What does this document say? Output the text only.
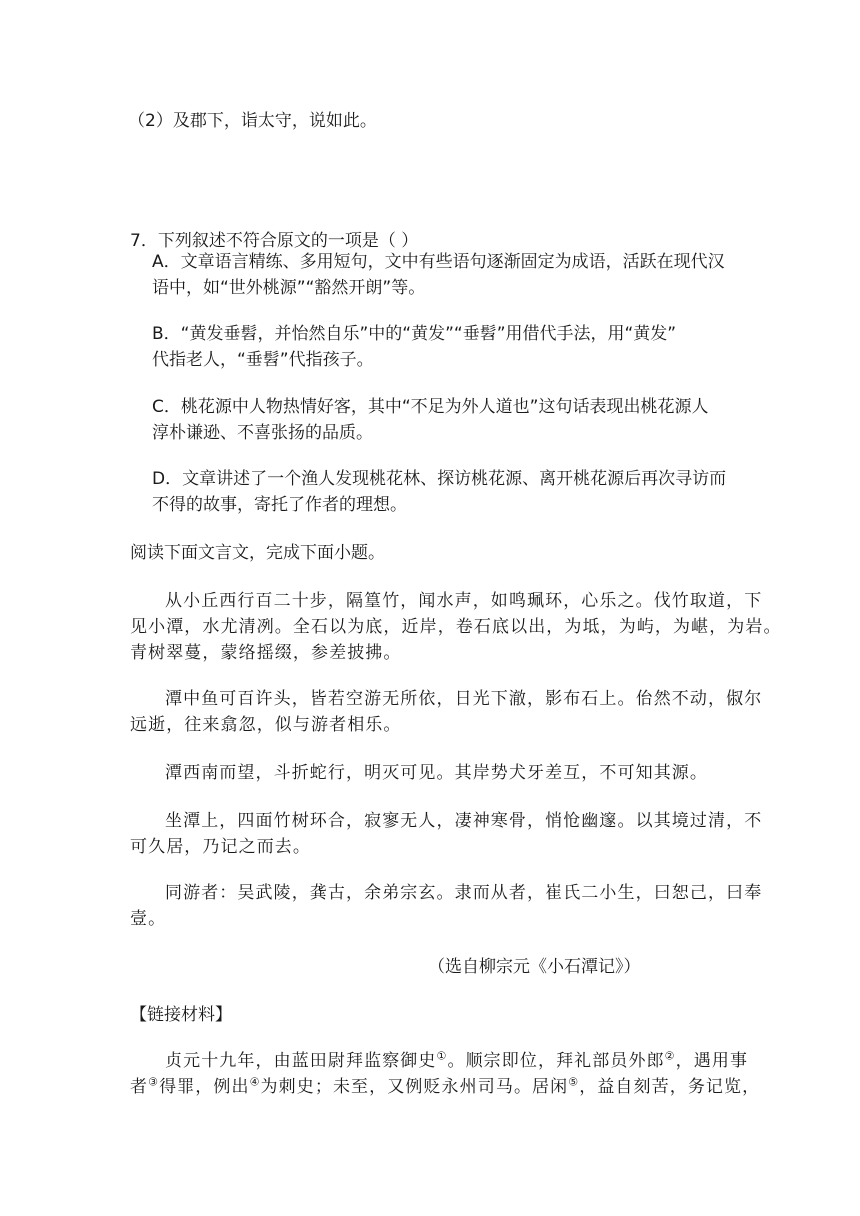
（2）及郡下，诣太守，说如此。
7．下列叙述不符合原文的一项是（ ）
A．文章语言精练、多用短句，文中有些语句逐渐固定为成语，活跃在现代汉
语中，如“世外桃源”“豁然开朗”等。
B．“黄发垂髫，并怡然自乐”中的“黄发”“垂髫”用借代手法，用“黄发”
代指老人，“垂髫”代指孩子。
C．桃花源中人物热情好客，其中“不足为外人道也”这句话表现出桃花源人
淳朴谦逊、不喜张扬的品质。
D．文章讲述了一个渔人发现桃花林、探访桃花源、离开桃花源后再次寻访而
不得的故事，寄托了作者的理想。
阅读下面文言文，完成下面小题。
从小丘西行百二十步，隔篁竹，闻水声，如鸣珮环，心乐之。伐竹取道，下
见小潭，水尤清冽。全石以为底，近岸，卷石底以出，为坻，为屿，为嵁，为岩。
青树翠蔓，蒙络摇缀，参差披拂。
潭中鱼可百许头，皆若空游无所依，日光下澈，影布石上。佁然不动，俶尔
远逝，往来翕忽，似与游者相乐。
潭西南而望，斗折蛇行，明灭可见。其岸势犬牙差互，不可知其源。
坐潭上，四面竹树环合，寂寥无人，凄神寒骨，悄怆幽邃。以其境过清，不
可久居，乃记之而去。
同游者：吴武陵，龚古，余弟宗玄。隶而从者，崔氏二小生，曰恕己，曰奉
壹。
（选自柳宗元《小石潭记》）
【链接材料】
贞元十九年，由蓝田尉拜监察御史①。顺宗即位，拜礼部员外郎②，遇用事
者③得罪，例出④为刺史；未至，又例贬永州司马。居闲⑤，益自刻苦，务记览，
